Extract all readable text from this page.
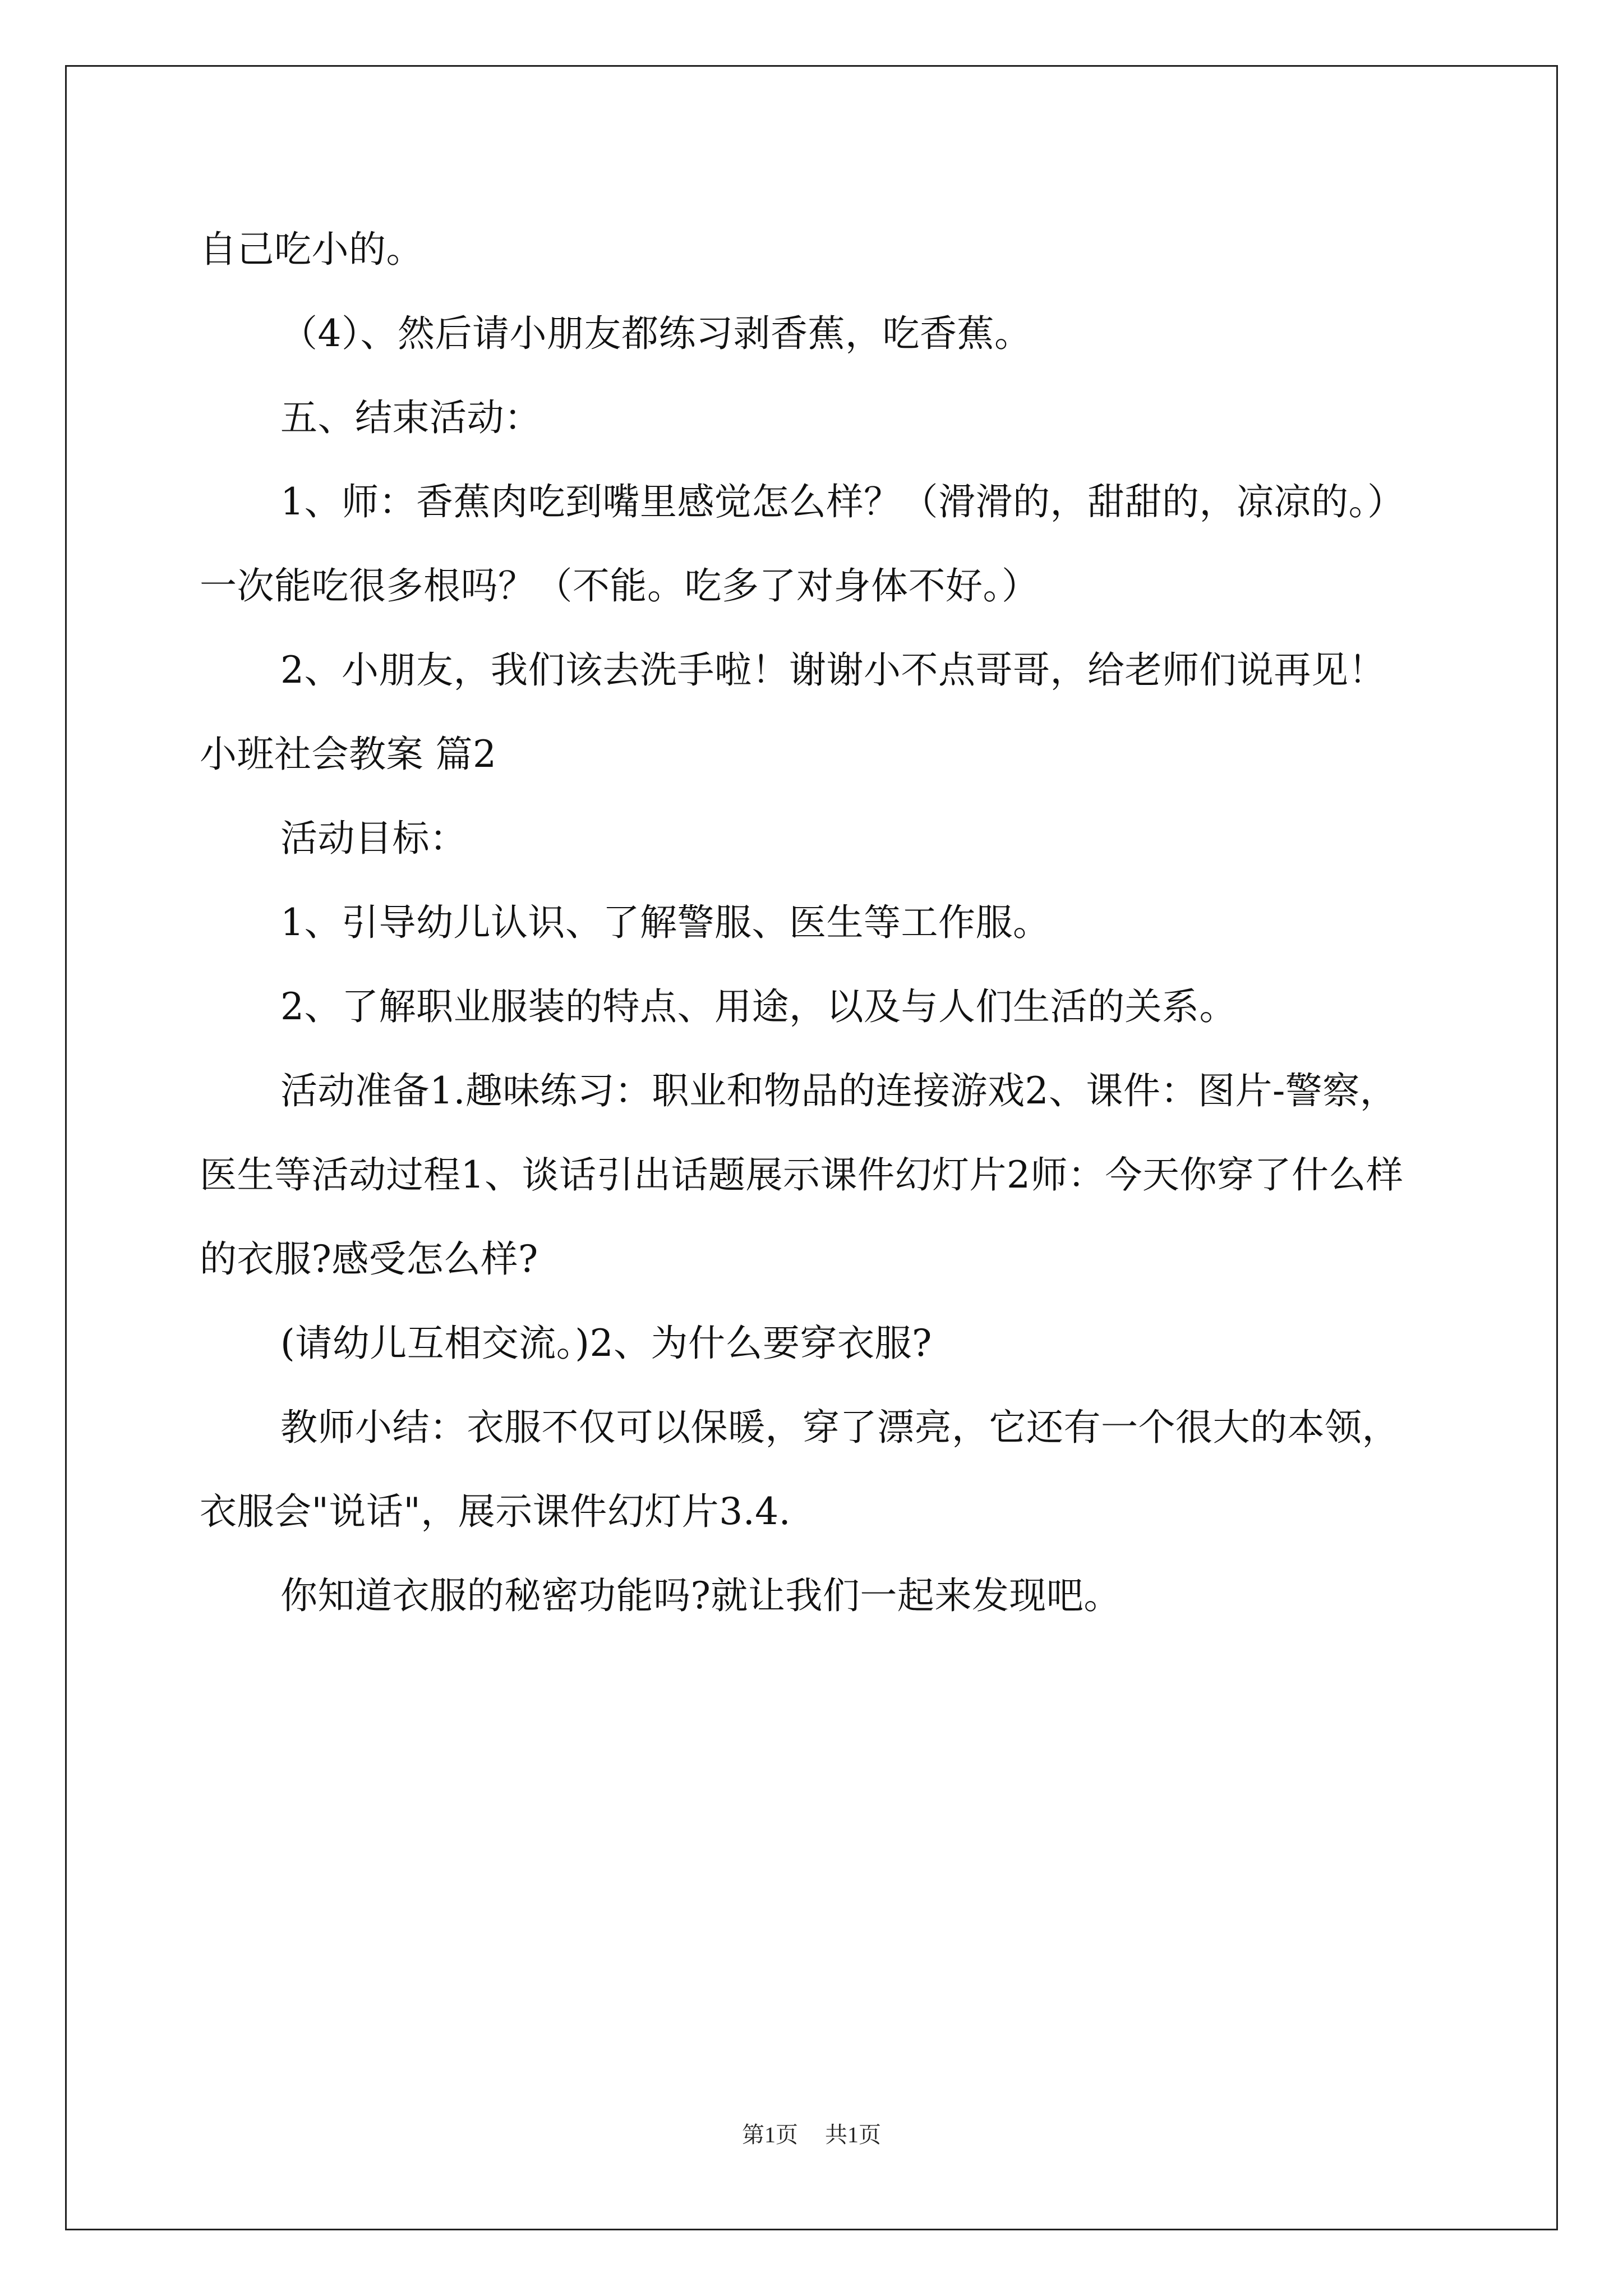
自己吃小的。

（4）、然后请小朋友都练习剥香蕉，吃香蕉。

五、结束活动：

1、师：香蕉肉吃到嘴里感觉怎么样？（滑滑的，甜甜的，凉凉的。）一次能吃很多根吗？（不能。吃多了对身体不好。）

2、小朋友，我们该去洗手啦！谢谢小不点哥哥，给老师们说再见！

小班社会教案 篇2

活动目标：

1、引导幼儿认识、了解警服、医生等工作服。

2、了解职业服装的特点、用途，以及与人们生活的关系。

活动准备1.趣味练习：职业和物品的连接游戏2、课件：图片-警察，医生等活动过程1、谈话引出话题展示课件幻灯片2师：今天你穿了什么样的衣服?感受怎么样?

(请幼儿互相交流。)2、为什么要穿衣服?

教师小结：衣服不仅可以保暖，穿了漂亮，它还有一个很大的本领，衣服会"说话"，展示课件幻灯片3.4.

你知道衣服的秘密功能吗?就让我们一起来发现吧。

第1页 共1页
